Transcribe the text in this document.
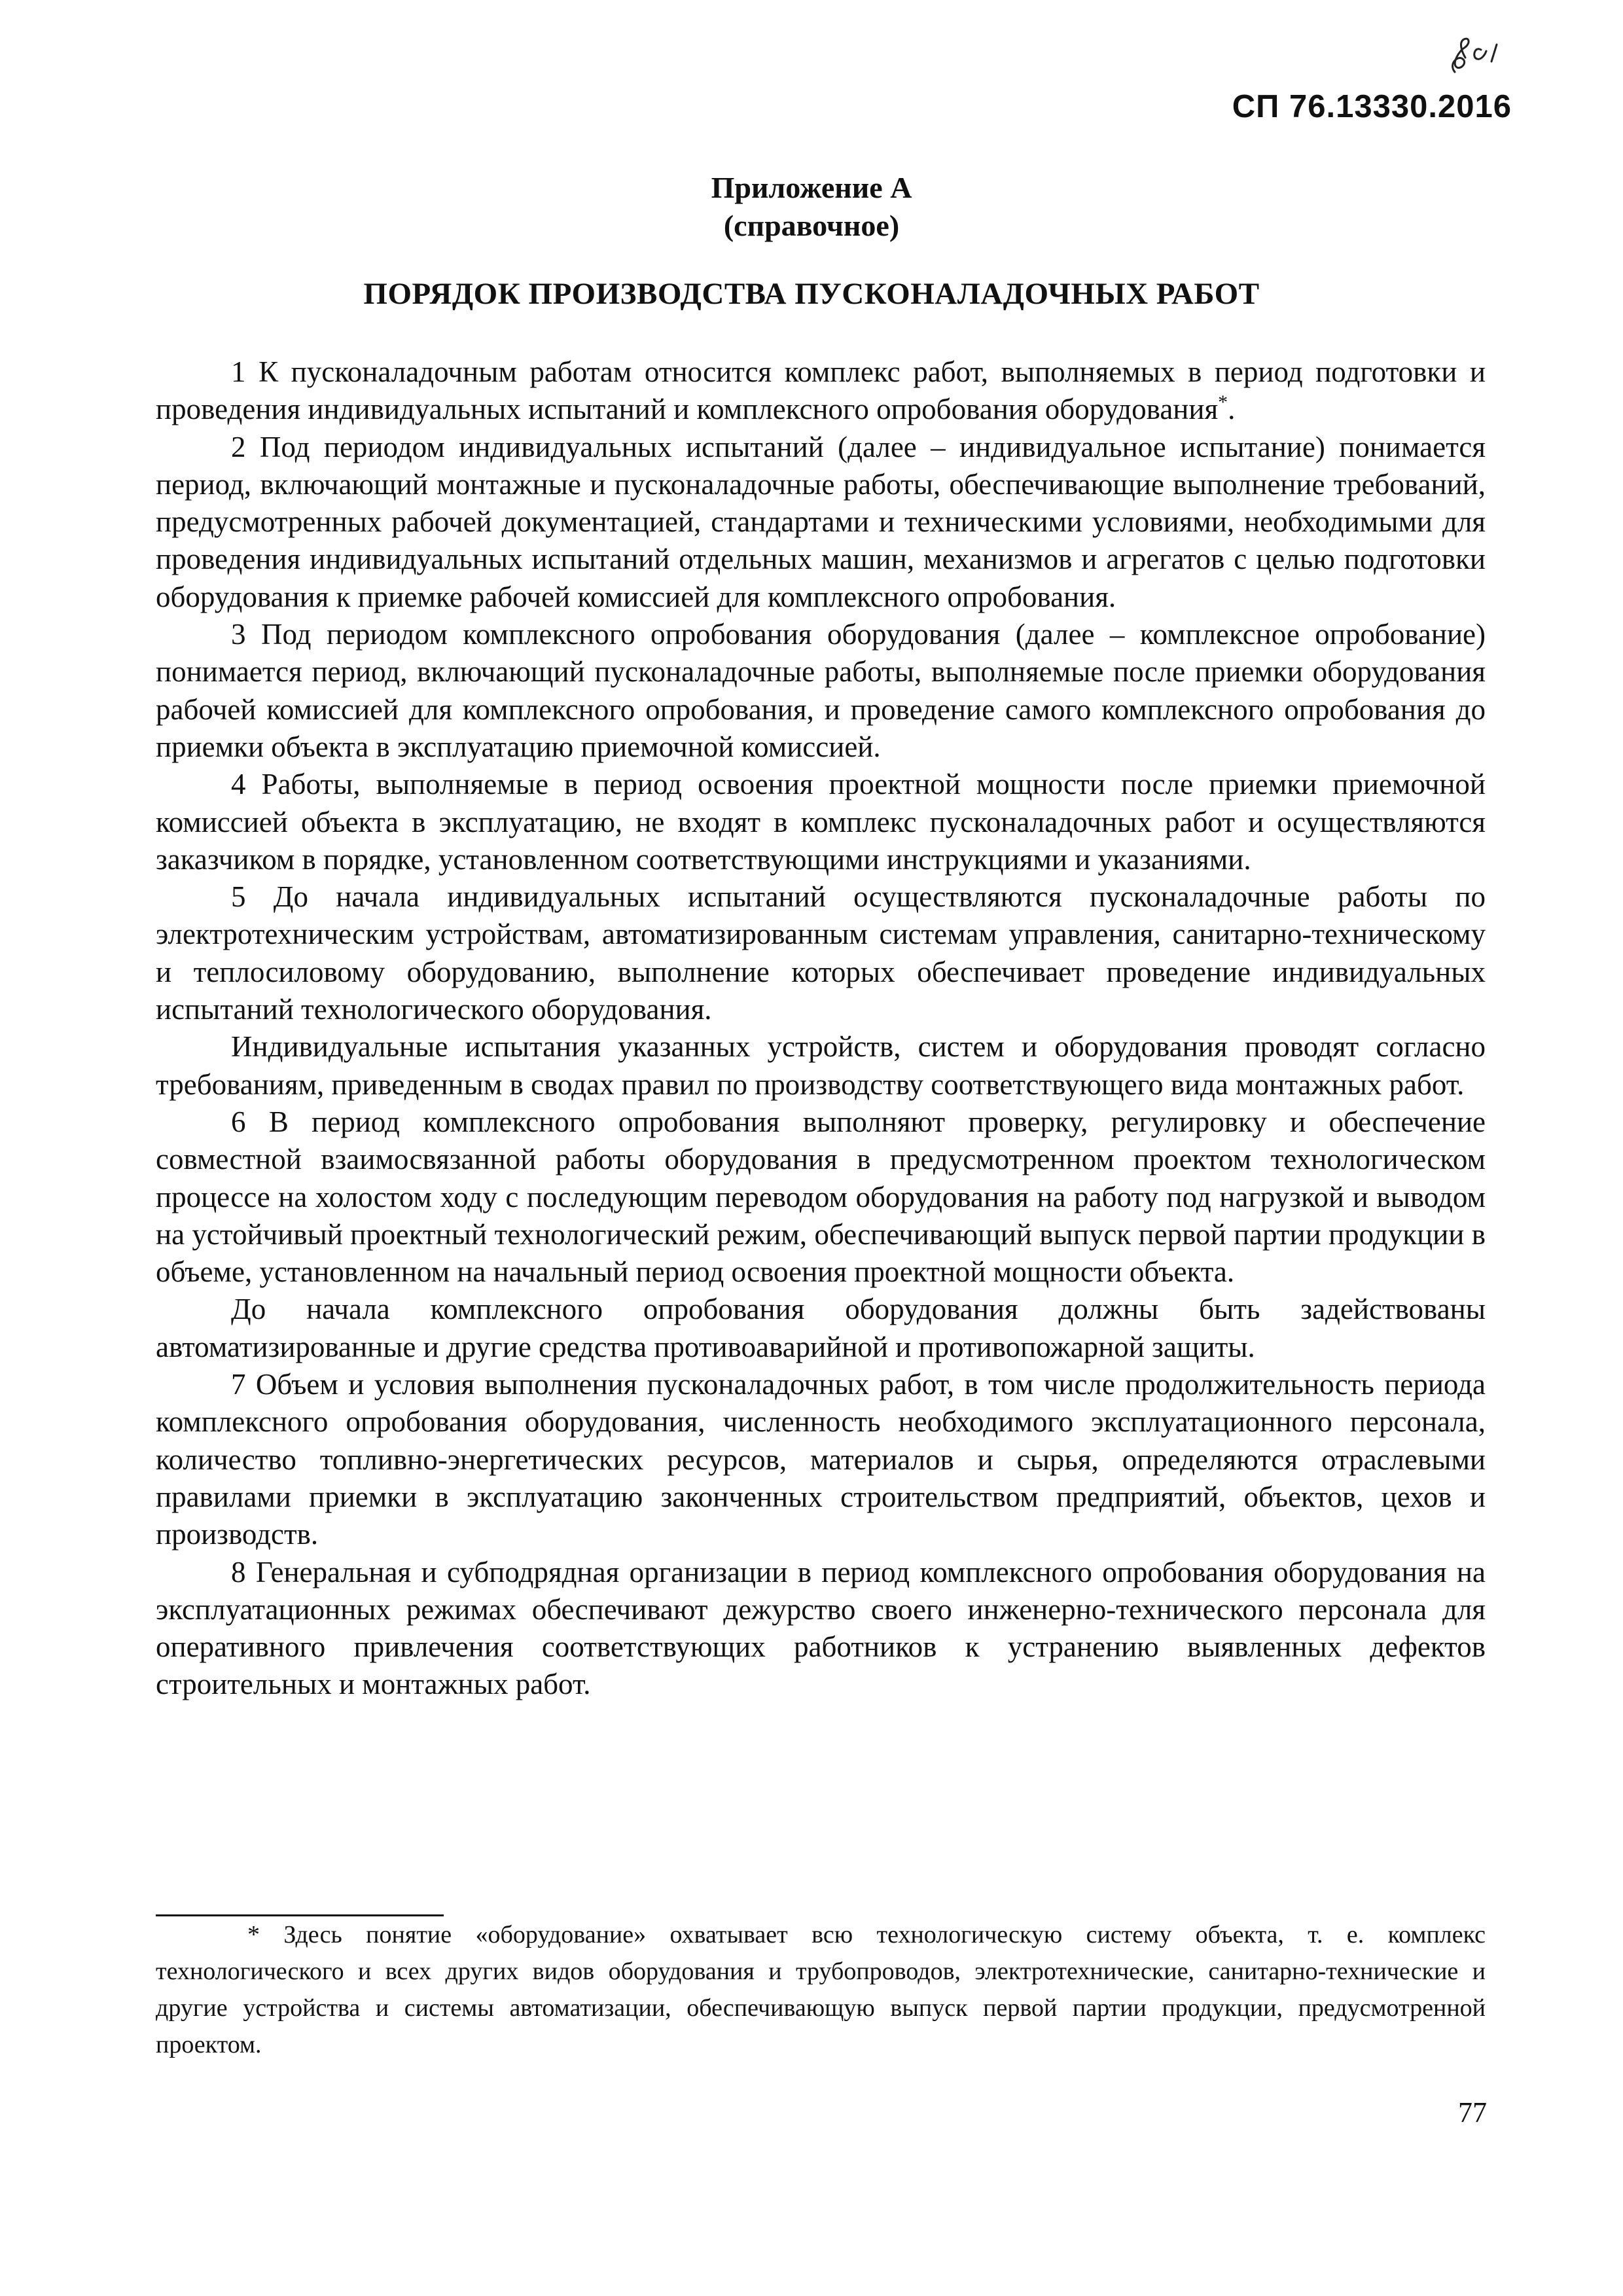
СП 76.13330.2016
Приложение А
(справочное)
ПОРЯДОК ПРОИЗВОДСТВА ПУСКОНАЛАДОЧНЫХ РАБОТ

1 К пусконаладочным работам относится комплекс работ, выполняемых в период подготовки и проведения индивидуальных испытаний и комплексного опробования оборудования*.

2 Под периодом индивидуальных испытаний (далее – индивидуальное испытание) понимается период, включающий монтажные и пусконаладочные работы, обеспечивающие выполнение требований, предусмотренных рабочей документацией, стандартами и техническими условиями, необходимыми для проведения индивидуальных испытаний отдельных машин, механизмов и агрегатов с целью подготовки оборудования к приемке рабочей комиссией для комплексного опробования.

3 Под периодом комплексного опробования оборудования (далее – комплексное опробование) понимается период, включающий пусконаладочные работы, выполняемые после приемки оборудования рабочей комиссией для комплексного опробования, и проведение самого комплексного опробования до приемки объекта в эксплуатацию приемочной комиссией.

4 Работы, выполняемые в период освоения проектной мощности после приемки приемочной комиссией объекта в эксплуатацию, не входят в комплекс пусконаладочных работ и осуществляются заказчиком в порядке, установленном соответствующими инструкциями и указаниями.

5 До начала индивидуальных испытаний осуществляются пусконаладочные работы по электротехническим устройствам, автоматизированным системам управления, санитарно-техническому и теплосиловому оборудованию, выполнение которых обеспечивает проведение индивидуальных испытаний технологического оборудования.

Индивидуальные испытания указанных устройств, систем и оборудования проводят согласно требованиям, приведенным в сводах правил по производству соответствующего вида монтажных работ.

6 В период комплексного опробования выполняют проверку, регулировку и обеспечение совместной взаимосвязанной работы оборудования в предусмотренном проектом технологическом процессе на холостом ходу с последующим переводом оборудования на работу под нагрузкой и выводом на устойчивый проектный технологический режим, обеспечивающий выпуск первой партии продукции в объеме, установленном на начальный период освоения проектной мощности объекта.

До начала комплексного опробования оборудования должны быть задействованы автоматизированные и другие средства противоаварийной и противопожарной защиты.

7 Объем и условия выполнения пусконаладочных работ, в том числе продолжительность периода комплексного опробования оборудования, численность необходимого эксплуатационного персонала, количество топливно-энергетических ресурсов, материалов и сырья, определяются отраслевыми правилами приемки в эксплуатацию законченных строительством предприятий, объектов, цехов и производств.

8 Генеральная и субподрядная организации в период комплексного опробования оборудования на эксплуатационных режимах обеспечивают дежурство своего инженерно-технического персонала для оперативного привлечения соответствующих работников к устранению выявленных дефектов строительных и монтажных работ.

* Здесь понятие «оборудование» охватывает всю технологическую систему объекта, т. е. комплекс технологического и всех других видов оборудования и трубопроводов, электротехнические, санитарно-технические и другие устройства и системы автоматизации, обеспечивающую выпуск первой партии продукции, предусмотренной проектом.

77
